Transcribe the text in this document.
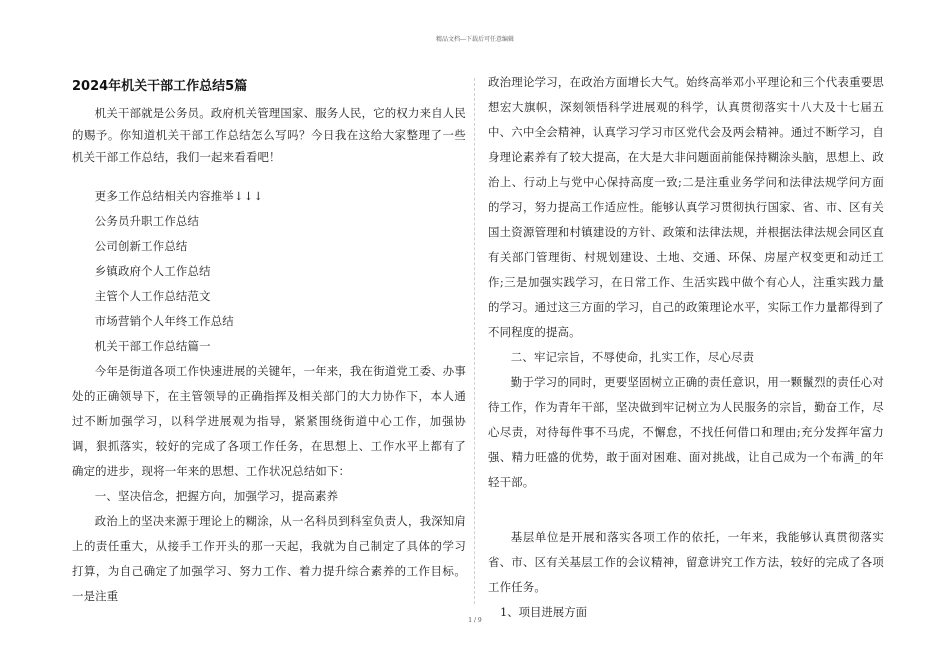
精品文档---下载后可任意编辑
2024年机关干部工作总结5篇

机关干部就是公务员。政府机关管理国家、服务人民，它的权力来自人民的赐予。你知道机关干部工作总结怎么写吗？今日我在这给大家整理了一些机关干部工作总结，我们一起来看看吧！

更多工作总结相关内容推举↓↓↓

公务员升职工作总结

公司创新工作总结

乡镇政府个人工作总结

主管个人工作总结范文

市场营销个人年终工作总结

机关干部工作总结篇一

今年是街道各项工作快速进展的关键年，一年来，我在街道党工委、办事处的正确领导下，在主管领导的正确指挥及相关部门的大力协作下，本人通过不断加强学习，以科学进展观为指导，紧紧围绕街道中心工作，加强协调，狠抓落实，较好的完成了各项工作任务，在思想上、工作水平上都有了确定的进步，现将一年来的思想、工作状况总结如下：

一、坚决信念，把握方向，加强学习，提高素养

政治上的坚决来源于理论上的糊涂，从一名科员到科室负责人，我深知肩上的责任重大，从接手工作开头的那一天起，我就为自己制定了具体的学习打算，为自己确定了加强学习、努力工作、着力提升综合素养的工作目标。一是注重

政治理论学习，在政治方面增长大气。始终高举邓小平理论和三个代表重要思想宏大旗帜，深刻领悟科学进展观的科学，认真贯彻落实十八大及十七届五中、六中全会精神，认真学习学习市区党代会及两会精神。通过不断学习，自身理论素养有了较大提高，在大是大非问题面前能保持糊涂头脑，思想上、政治上、行动上与党中心保持高度一致;二是注重业务学问和法律法规学问方面的学习，努力提高工作适应性。能够认真学习贯彻执行国家、省、市、区有关国土资源管理和村镇建设的方针、政策和法律法规，并根据法律法规会同区直有关部门管理街、村规划建设、土地、交通、环保、房屋产权变更和动迁工作;三是加强实践学习，在日常工作、生活实践中做个有心人，注重实践力量的学习。通过这三方面的学习，自己的政策理论水平，实际工作力量都得到了不同程度的提高。

二、牢记宗旨，不辱使命，扎实工作，尽心尽责

勤于学习的同时，更要坚固树立正确的责任意识，用一颗鬣烈的责任心对待工作，作为青年干部，坚决做到牢记树立为人民服务的宗旨，勤奋工作，尽心尽责，对待每件事不马虎，不懈怠，不找任何借口和理由;充分发挥年富力强、精力旺盛的优势，敢于面对困难、面对挑战，让自己成为一个布满_的年轻干部。

基层单位是开展和落实各项工作的依托，一年来，我能够认真贯彻落实省、市、区有关基层工作的会议精神，留意讲究工作方法，较好的完成了各项工作任务。

1、项目进展方面

1 / 9
